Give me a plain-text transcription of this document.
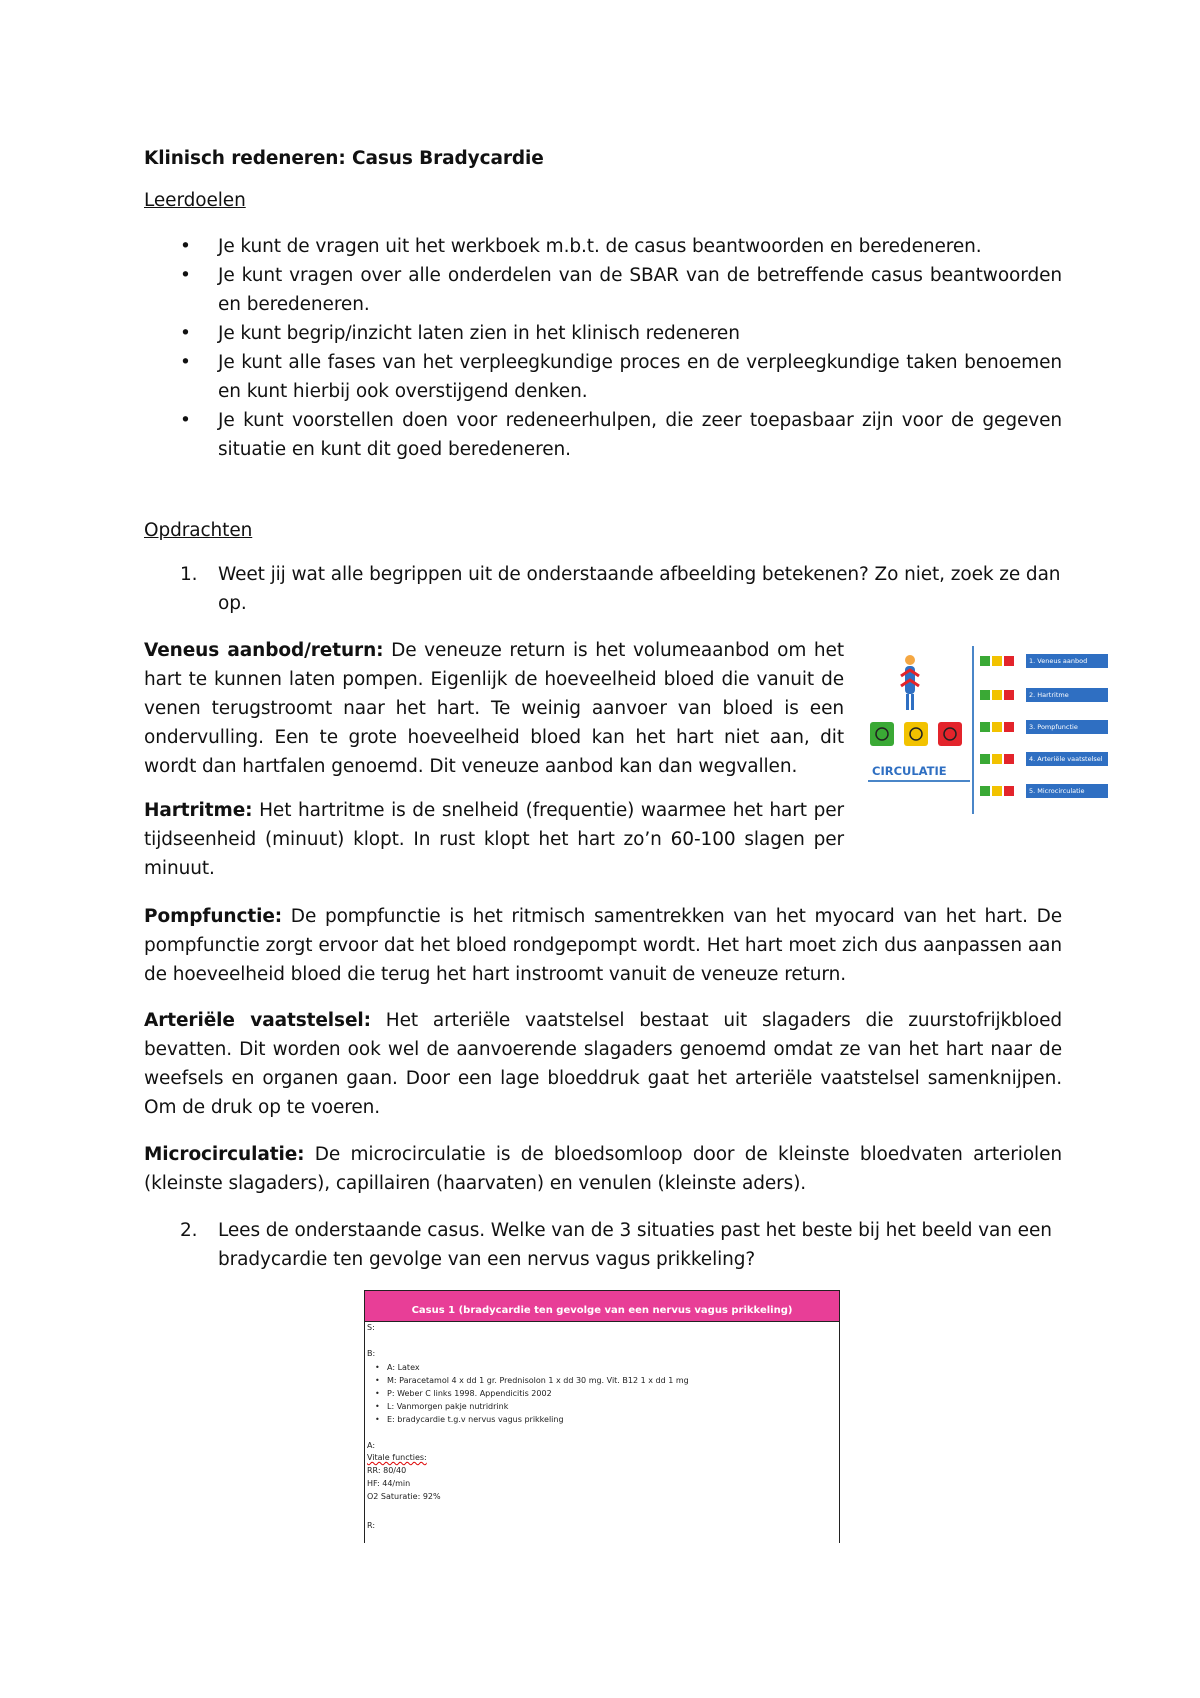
Klinisch redeneren: Casus Bradycardie
Leerdoelen
• Je kunt de vragen uit het werkboek m.b.t. de casus beantwoorden en beredeneren.
• Je kunt vragen over alle onderdelen van de SBAR van de betreffende casus beantwoorden en beredeneren.
• Je kunt begrip/inzicht laten zien in het klinisch redeneren
• Je kunt alle fases van het verpleegkundige proces en de verpleegkundige taken benoemen en kunt hierbij ook overstijgend denken.
• Je kunt voorstellen doen voor redeneerhulpen, die zeer toepasbaar zijn voor de gegeven situatie en kunt dit goed beredeneren.
Opdrachten
1. Weet jij wat alle begrippen uit de onderstaande afbeelding betekenen? Zo niet, zoek ze dan op.

Veneus aanbod/return: De veneuze return is het volumeaanbod om het hart te kunnen laten pompen. Eigenlijk de hoeveelheid bloed die vanuit de venen terugstroomt naar het hart. Te weinig aanvoer van bloed is een ondervulling. Een te grote hoeveelheid bloed kan het hart niet aan, dit wordt dan hartfalen genoemd. Dit veneuze aanbod kan dan wegvallen.

Hartritme: Het hartritme is de snelheid (frequentie) waarmee het hart per tijdseenheid (minuut) klopt. In rust klopt het hart zo’n 60-100 slagen per minuut.

Pompfunctie: De pompfunctie is het ritmisch samentrekken van het myocard van het hart. De pompfunctie zorgt ervoor dat het bloed rondgepompt wordt. Het hart moet zich dus aanpassen aan de hoeveelheid bloed die terug het hart instroomt vanuit de veneuze return.

Arteriële vaatstelsel: Het arteriële vaatstelsel bestaat uit slagaders die zuurstofrijkbloed bevatten. Dit worden ook wel de aanvoerende slagaders genoemd omdat ze van het hart naar de weefsels en organen gaan. Door een lage bloeddruk gaat het arteriële vaatstelsel samenknijpen. Om de druk op te voeren.

Microcirculatie: De microcirculatie is de bloedsomloop door de kleinste bloedvaten arteriolen (kleinste slagaders), capillairen (haarvaten) en venulen (kleinste aders).

2. Lees de onderstaande casus. Welke van de 3 situaties past het beste bij het beeld van een bradycardie ten gevolge van een nervus vagus prikkeling?
CIRCULATIE
1. Veneus aanbod
2. Hartritme
3. Pompfunctie
4. Arteriële vaatstelsel
5. Microcirculatie
Casus 1 (bradycardie ten gevolge van een nervus vagus prikkeling)
S:
B:
• A: Latex
• M: Paracetamol 4 x dd 1 gr. Prednisolon 1 x dd 30 mg. Vit. B12 1 x dd 1 mg
• P: Weber C links 1998. Appendicitis 2002
• L: Vanmorgen pakje nutridrink
• E: bradycardie t.g.v nervus vagus prikkeling
A:
Vitale functies:
RR: 80/40
HF: 44/min
O2 Saturatie: 92%
R:
